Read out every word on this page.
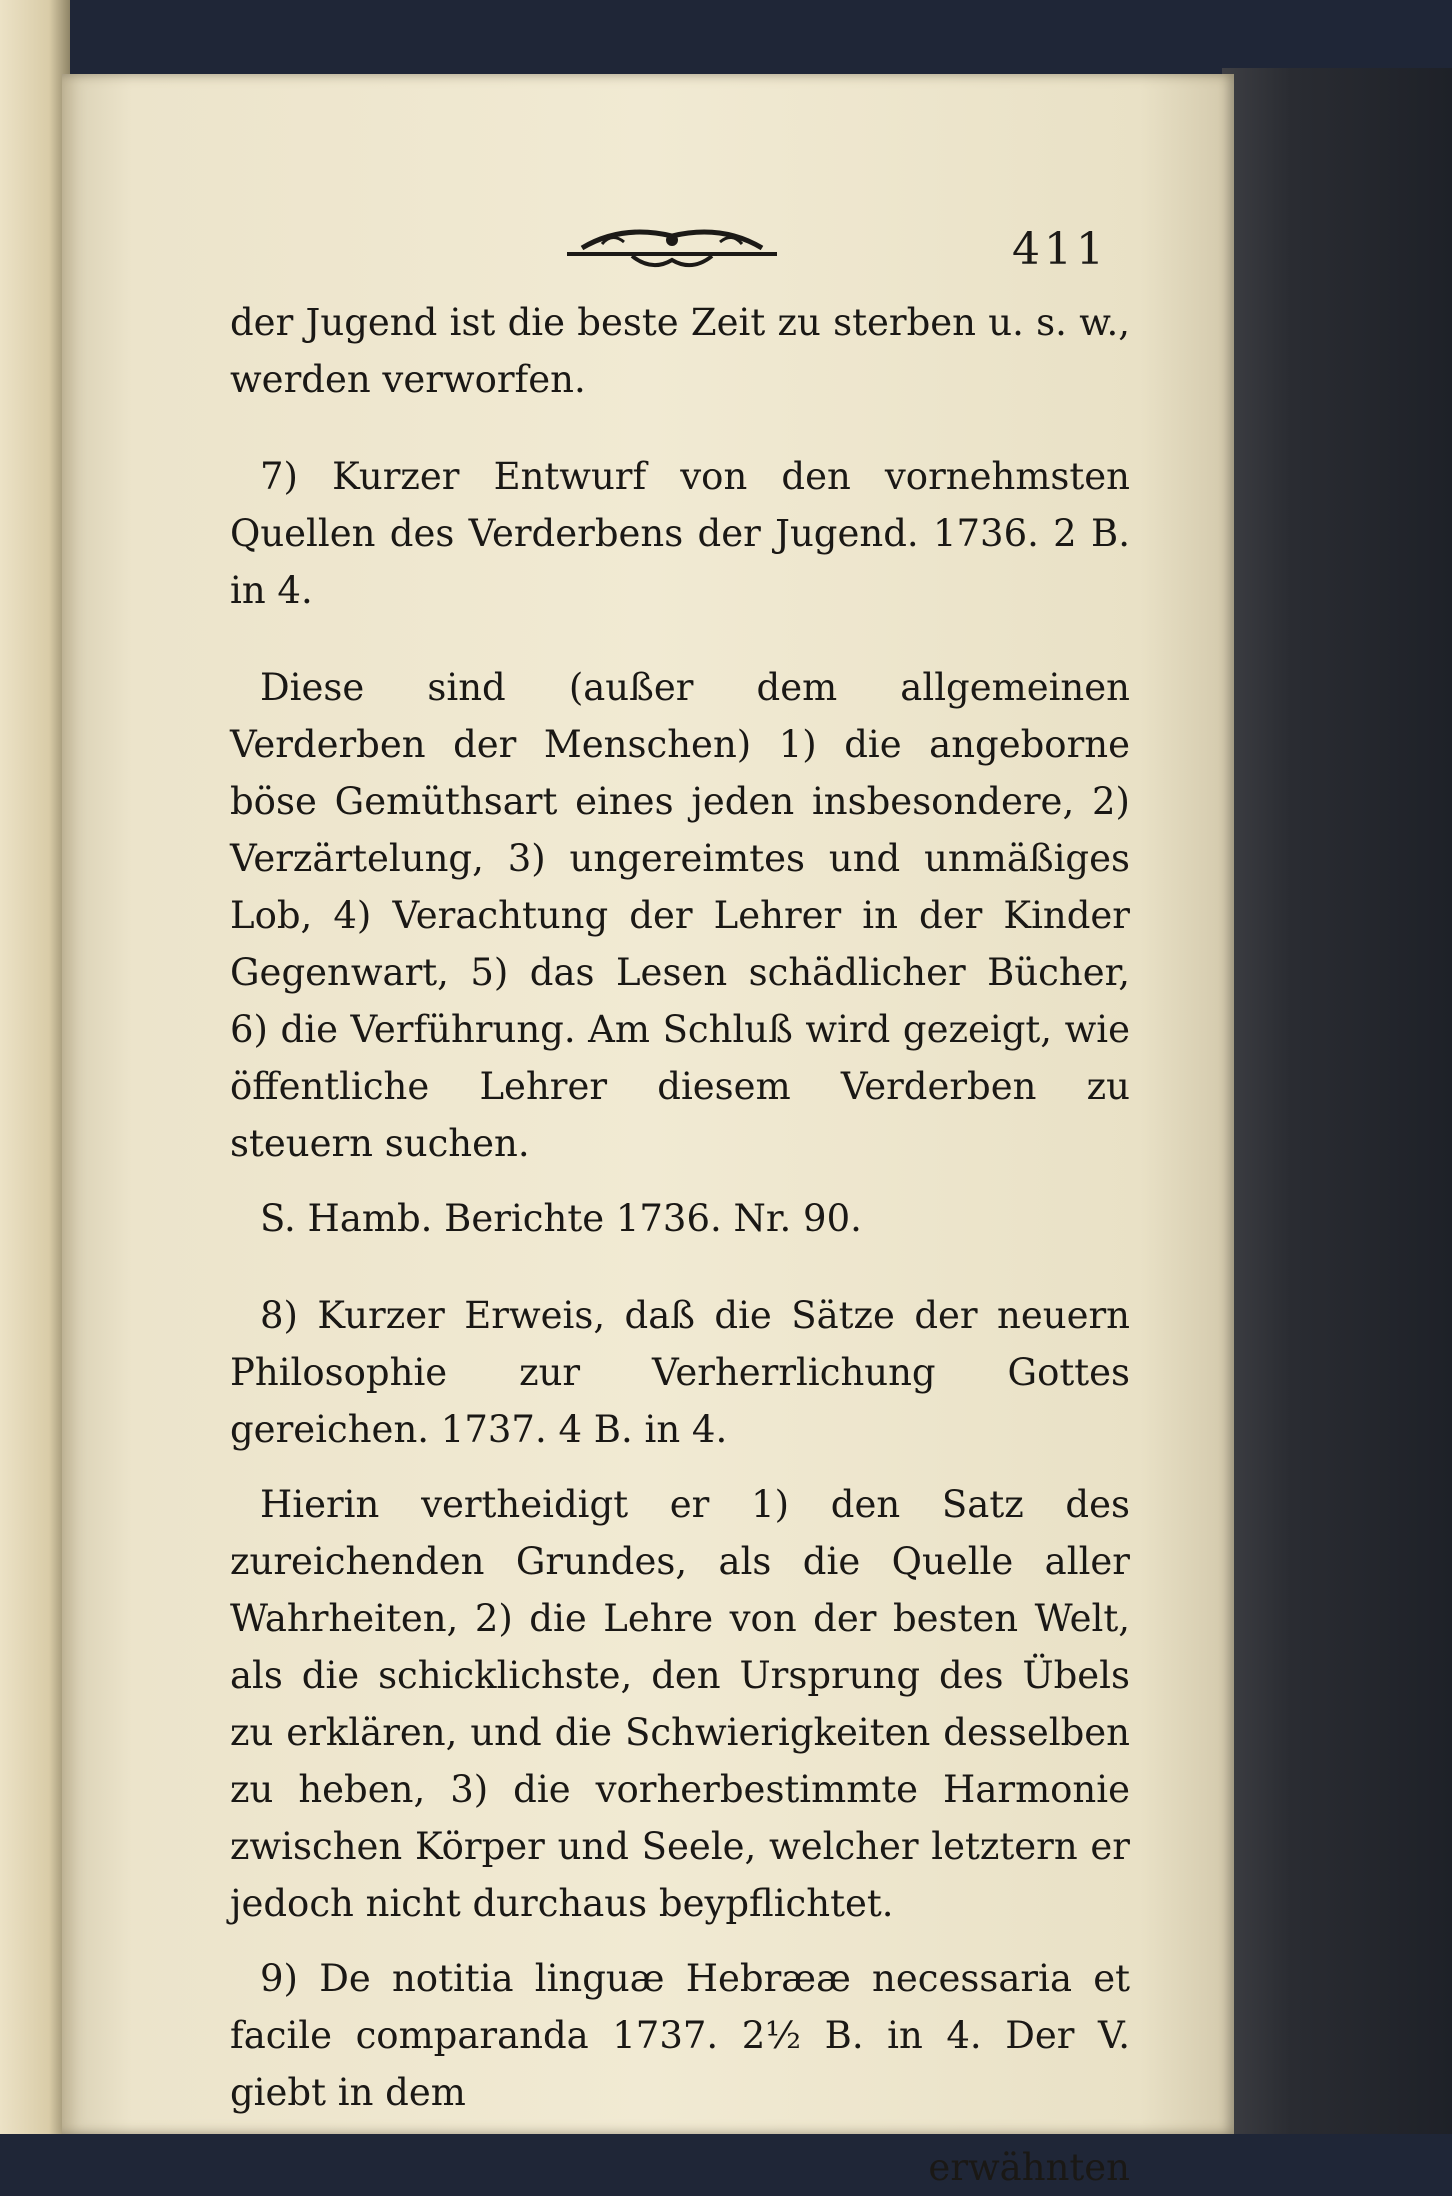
411

der Jugend ist die beste Zeit zu sterben u. s. w., werden verworfen.

7) Kurzer Entwurf von den vornehmsten Quellen des Verderbens der Jugend. 1736. 2 B. in 4.

Diese sind (außer dem allgemeinen Verderben der Menschen) 1) die angeborne böse Gemüthsart eines jeden insbesondere, 2) Verzärtelung, 3) ungereimtes und unmäßiges Lob, 4) Verachtung der Lehrer in der Kinder Gegenwart, 5) das Lesen schädlicher Bücher, 6) die Verführung. Am Schluß wird gezeigt, wie öffentliche Lehrer diesem Verderben zu steuern suchen.

S. Hamb. Berichte 1736. Nr. 90.

8) Kurzer Erweis, daß die Sätze der neuern Philosophie zur Verherrlichung Gottes gereichen. 1737. 4 B. in 4.

Hierin vertheidigt er 1) den Satz des zureichenden Grundes, als die Quelle aller Wahrheiten, 2) die Lehre von der besten Welt, als die schicklichste, den Ursprung des Übels zu erklären, und die Schwierigkeiten desselben zu heben, 3) die vorherbestimmte Harmonie zwischen Körper und Seele, welcher letztern er jedoch nicht durchaus beypflichtet.

9) De notitia linguæ Hebrææ necessaria et facile comparanda 1737. 2½ B. in 4. Der V. giebt in dem

erwähnten
